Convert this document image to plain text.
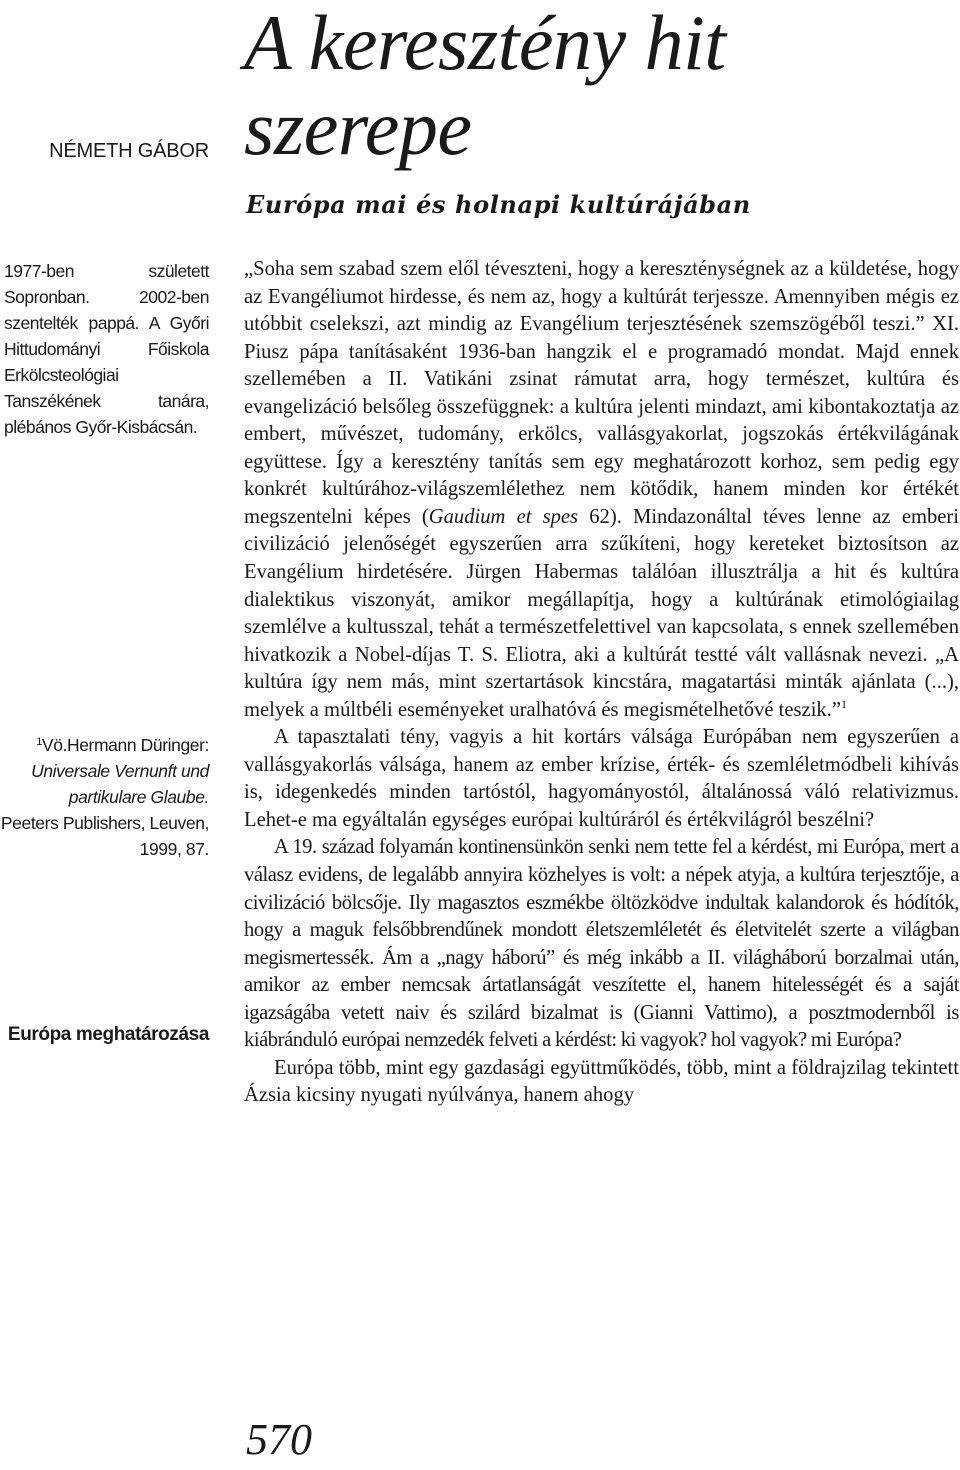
NÉMETH GÁBOR

1977-ben született Sopronban. 2002-ben szentelték pappá. A Győri Hittudományi Főiskola Erkölcsteológiai Tanszékének tanára, plébános Győr-Kisbácsán.

$^1$Vö.Hermann Düringer:
Universale Vernunft und partikulare Glaube.
Peeters Publishers, Leuven, 1999, 87.
Európa meghatározása
A keresztény hit szerepe
Európa mai és holnapi kultúrájában

„Soha sem szabad szem elől téveszteni, hogy a kereszténységnek az a küldetése, hogy az Evangéliumot hirdesse, és nem az, hogy a kultúrát terjessze. Amennyiben mégis ez utóbbit cselekszi, azt mindig az Evangélium terjesztésének szemszögéből teszi.” XI. Piusz pápa tanításaként 1936-ban hangzik el e programadó mondat. Majd ennek szellemében a II. Vatikáni zsinat rámutat arra, hogy természet, kultúra és evangelizáció belsőleg összefüggnek: a kultúra jelenti mindazt, ami kibontakoztatja az embert, művészet, tudomány, erkölcs, vallásgyakorlat, jogszokás értékvilágának együttese. Így a keresztény tanítás sem egy meghatározott korhoz, sem pedig egy konkrét kultúrához-világszemlélethez nem kötődik, hanem minden kor értékét megszentelni képes (Gaudium et spes 62). Mindazonáltal téves lenne az emberi civilizáció jelenőségét egyszerűen arra szűkíteni, hogy kereteket biztosítson az Evangélium hirdetésére. Jürgen Habermas találóan illusztrálja a hit és kultúra dialektikus viszonyát, amikor megállapítja, hogy a kultúrának etimológiailag szemlélve a kultusszal, tehát a természetfelettivel van kapcsolata, s ennek szellemében hivatkozik a Nobel-díjas T. S. Eliotra, aki a kultúrát testté vált vallásnak nevezi. „A kultúra így nem más, mint szertartások kincstára, magatartási minták ajánlata (...), melyek a múltbéli eseményeket uralhatóvá és megismételhetővé teszik.”$^1$

A tapasztalati tény, vagyis a hit kortárs válsága Európában nem egyszerűen a vallásgyakorlás válsága, hanem az ember krízise, érték- és szemléletmódbeli kihívás is, idegenkedés minden tartóstól, hagyományostól, általánossá váló relativizmus. Lehet-e ma egyáltalán egységes európai kultúráról és értékvilágról beszélni?

A 19. század folyamán kontinensünkön senki nem tette fel a kérdést, mi Európa, mert a válasz evidens, de legalább annyira közhelyes is volt: a népek atyja, a kultúra terjesztője, a civilizáció bölcsője. Ily magasztos eszmékbe öltözködve indultak kalandorok és hódítók, hogy a maguk felsőbbrendűnek mondott életszemléletét és életvitelét szerte a világban megismertessék. Ám a „nagy háború” és még inkább a II. világháború borzalmai után, amikor az ember nemcsak ártatlanságát veszítette el, hanem hitelességét és a saját igazságába vetett naiv és szilárd bizalmat is (Gianni Vattimo), a posztmodernből is kiábránduló európai nemzedék felveti a kérdést: ki vagyok? hol vagyok? mi Európa?

Európa több, mint egy gazdasági együttműködés, több, mint a földrajzilag tekintett Ázsia kicsiny nyugati nyúlványa, hanem ahogy

570
